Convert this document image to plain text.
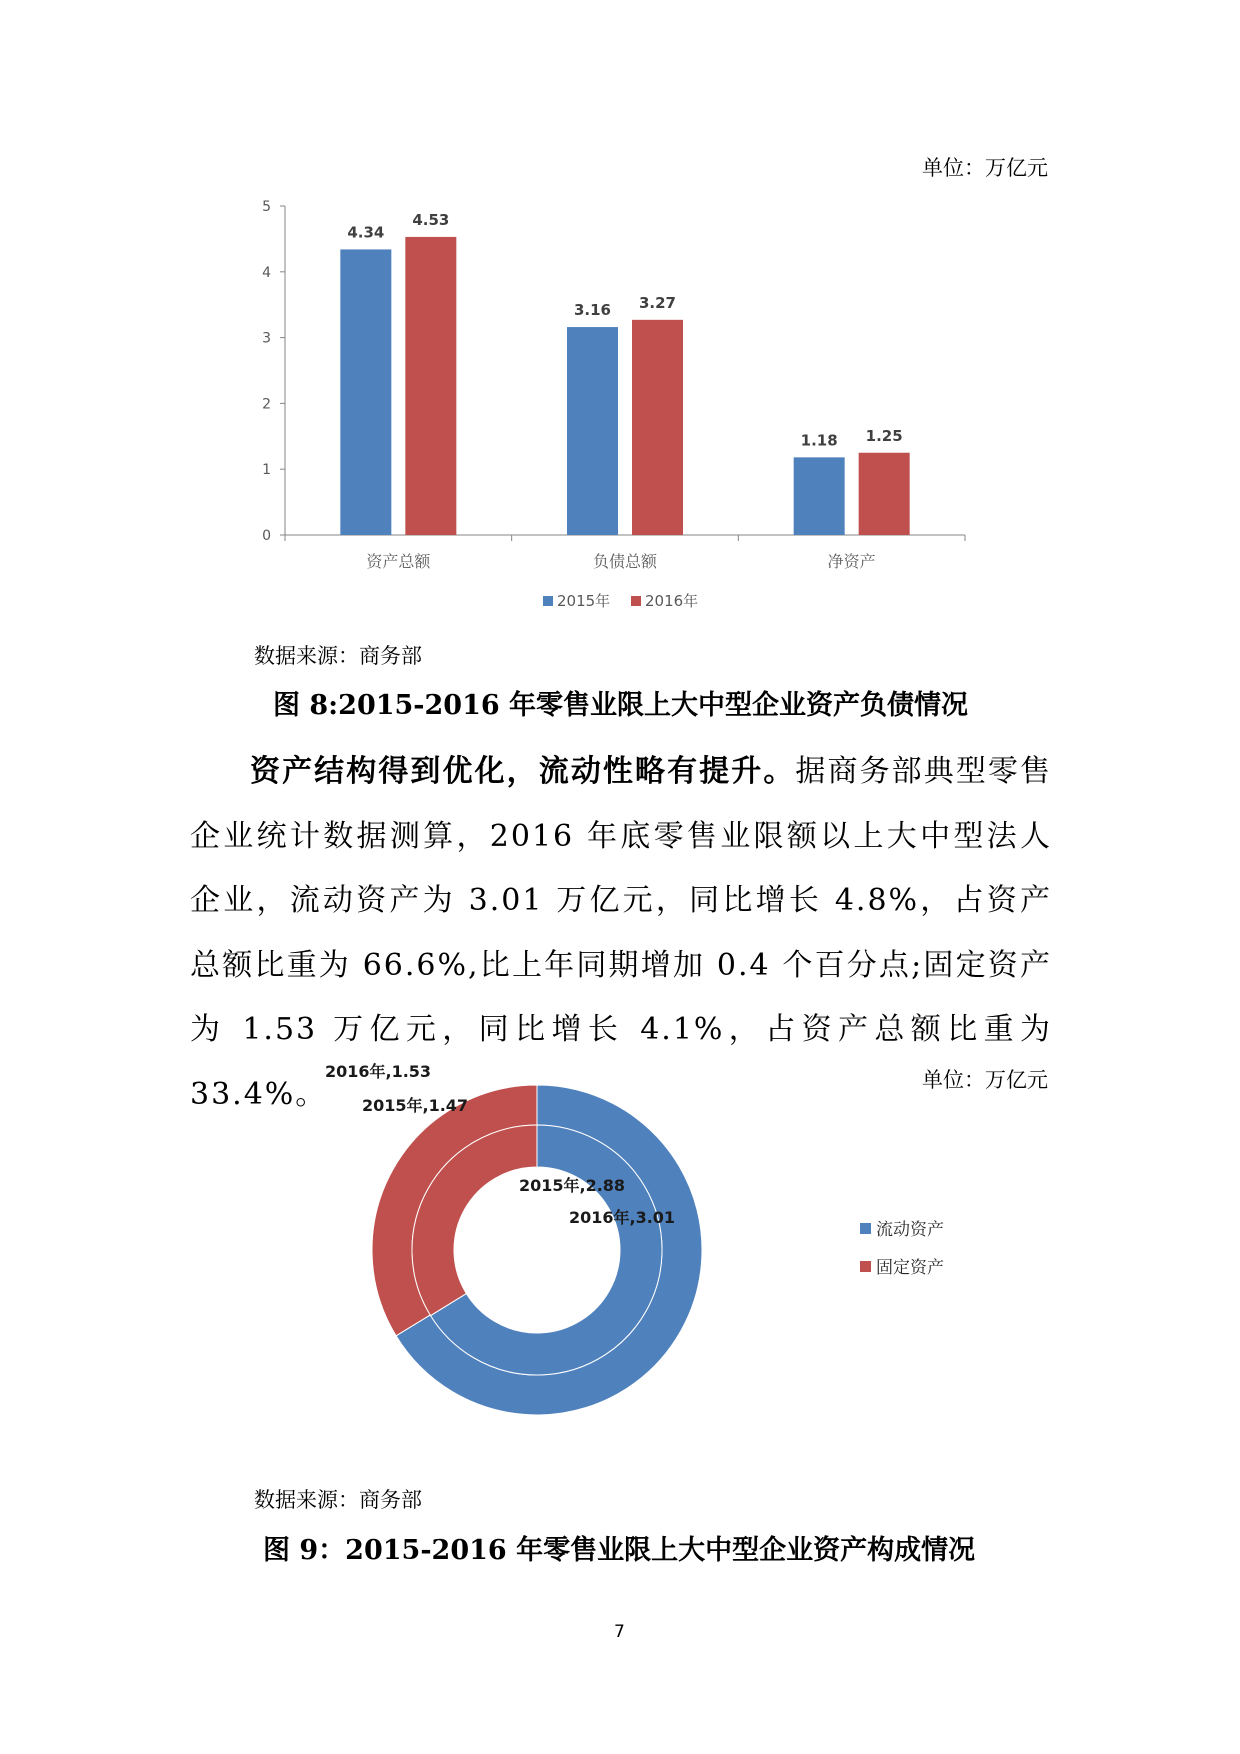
单位：万亿元
0
1
2
3
4
5
4.34
4.53
资产总额
3.16 3.27
负债总额
1.18 1.25
净资产
2015年 2016年
数据来源：商务部
图 8:2015-2016 年零售业限上大中型企业资产负债情况

资产结构得到优化，流动性略有提升。据商务部典型零售企业统计数据测算，2016 年底零售业限额以上大中型法人企业，流动资产为 3.01 万亿元，同比增长 4.8%，占资产总额比重为 66.6%,比上年同期增加 0.4 个百分点;固定资产为 1.53 万亿元，同比增长 4.1%，占资产总额比重为 33.4%。	单位：万亿元
2016年,3.01
2016年,1.53
2015年,2.88
2015年,1.47
流动资产
固定资产
数据来源：商务部
图 9：2015-2016 年零售业限上大中型企业资产构成情况
7
